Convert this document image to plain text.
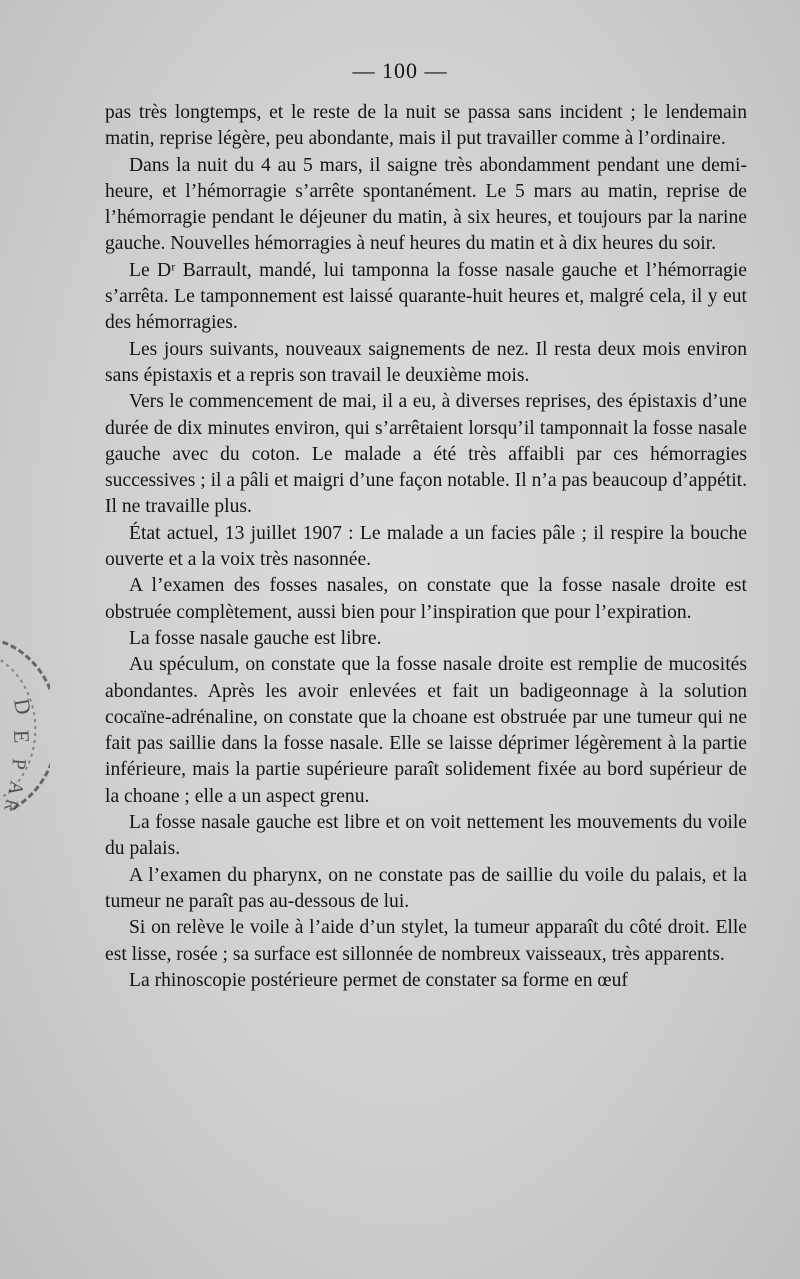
— 100 —
D
E
P
A
R

pas très longtemps, et le reste de la nuit se passa sans incident ; le lendemain matin, reprise légère, peu abondante, mais il put travailler comme à l’ordinaire.

Dans la nuit du 4 au 5 mars, il saigne très abondamment pendant une demi-heure, et l’hémorragie s’arrête spontanément. Le 5 mars au matin, reprise de l’hémorragie pendant le déjeuner du matin, à six heures, et toujours par la narine gauche. Nouvelles hémorragies à neuf heures du matin et à dix heures du soir.

Le Dʳ Barrault, mandé, lui tamponna la fosse nasale gauche et l’hémorragie s’arrêta. Le tamponnement est laissé quarante-huit heures et, malgré cela, il y eut des hémorragies.

Les jours suivants, nouveaux saignements de nez. Il resta deux mois environ sans épistaxis et a repris son travail le deuxième mois.

Vers le commencement de mai, il a eu, à diverses reprises, des épistaxis d’une durée de dix minutes environ, qui s’arrêtaient lorsqu’il tamponnait la fosse nasale gauche avec du coton. Le malade a été très affaibli par ces hémorragies successives ; il a pâli et maigri d’une façon notable. Il n’a pas beaucoup d’appétit. Il ne travaille plus.

État actuel, 13 juillet 1907 : Le malade a un facies pâle ; il respire la bouche ouverte et a la voix très nasonnée.

A l’examen des fosses nasales, on constate que la fosse nasale droite est obstruée complètement, aussi bien pour l’inspiration que pour l’expiration.

La fosse nasale gauche est libre.

Au spéculum, on constate que la fosse nasale droite est remplie de mucosités abondantes. Après les avoir enlevées et fait un badigeonnage à la solution cocaïne-adrénaline, on constate que la choane est obstruée par une tumeur qui ne fait pas saillie dans la fosse nasale. Elle se laisse déprimer légèrement à la partie inférieure, mais la partie supérieure paraît solidement fixée au bord supérieur de la choane ; elle a un aspect grenu.

La fosse nasale gauche est libre et on voit nettement les mouvements du voile du palais.

A l’examen du pharynx, on ne constate pas de saillie du voile du palais, et la tumeur ne paraît pas au-dessous de lui.

Si on relève le voile à l’aide d’un stylet, la tumeur apparaît du côté droit. Elle est lisse, rosée ; sa surface est sillonnée de nombreux vaisseaux, très apparents.

La rhinoscopie postérieure permet de constater sa forme en œuf
